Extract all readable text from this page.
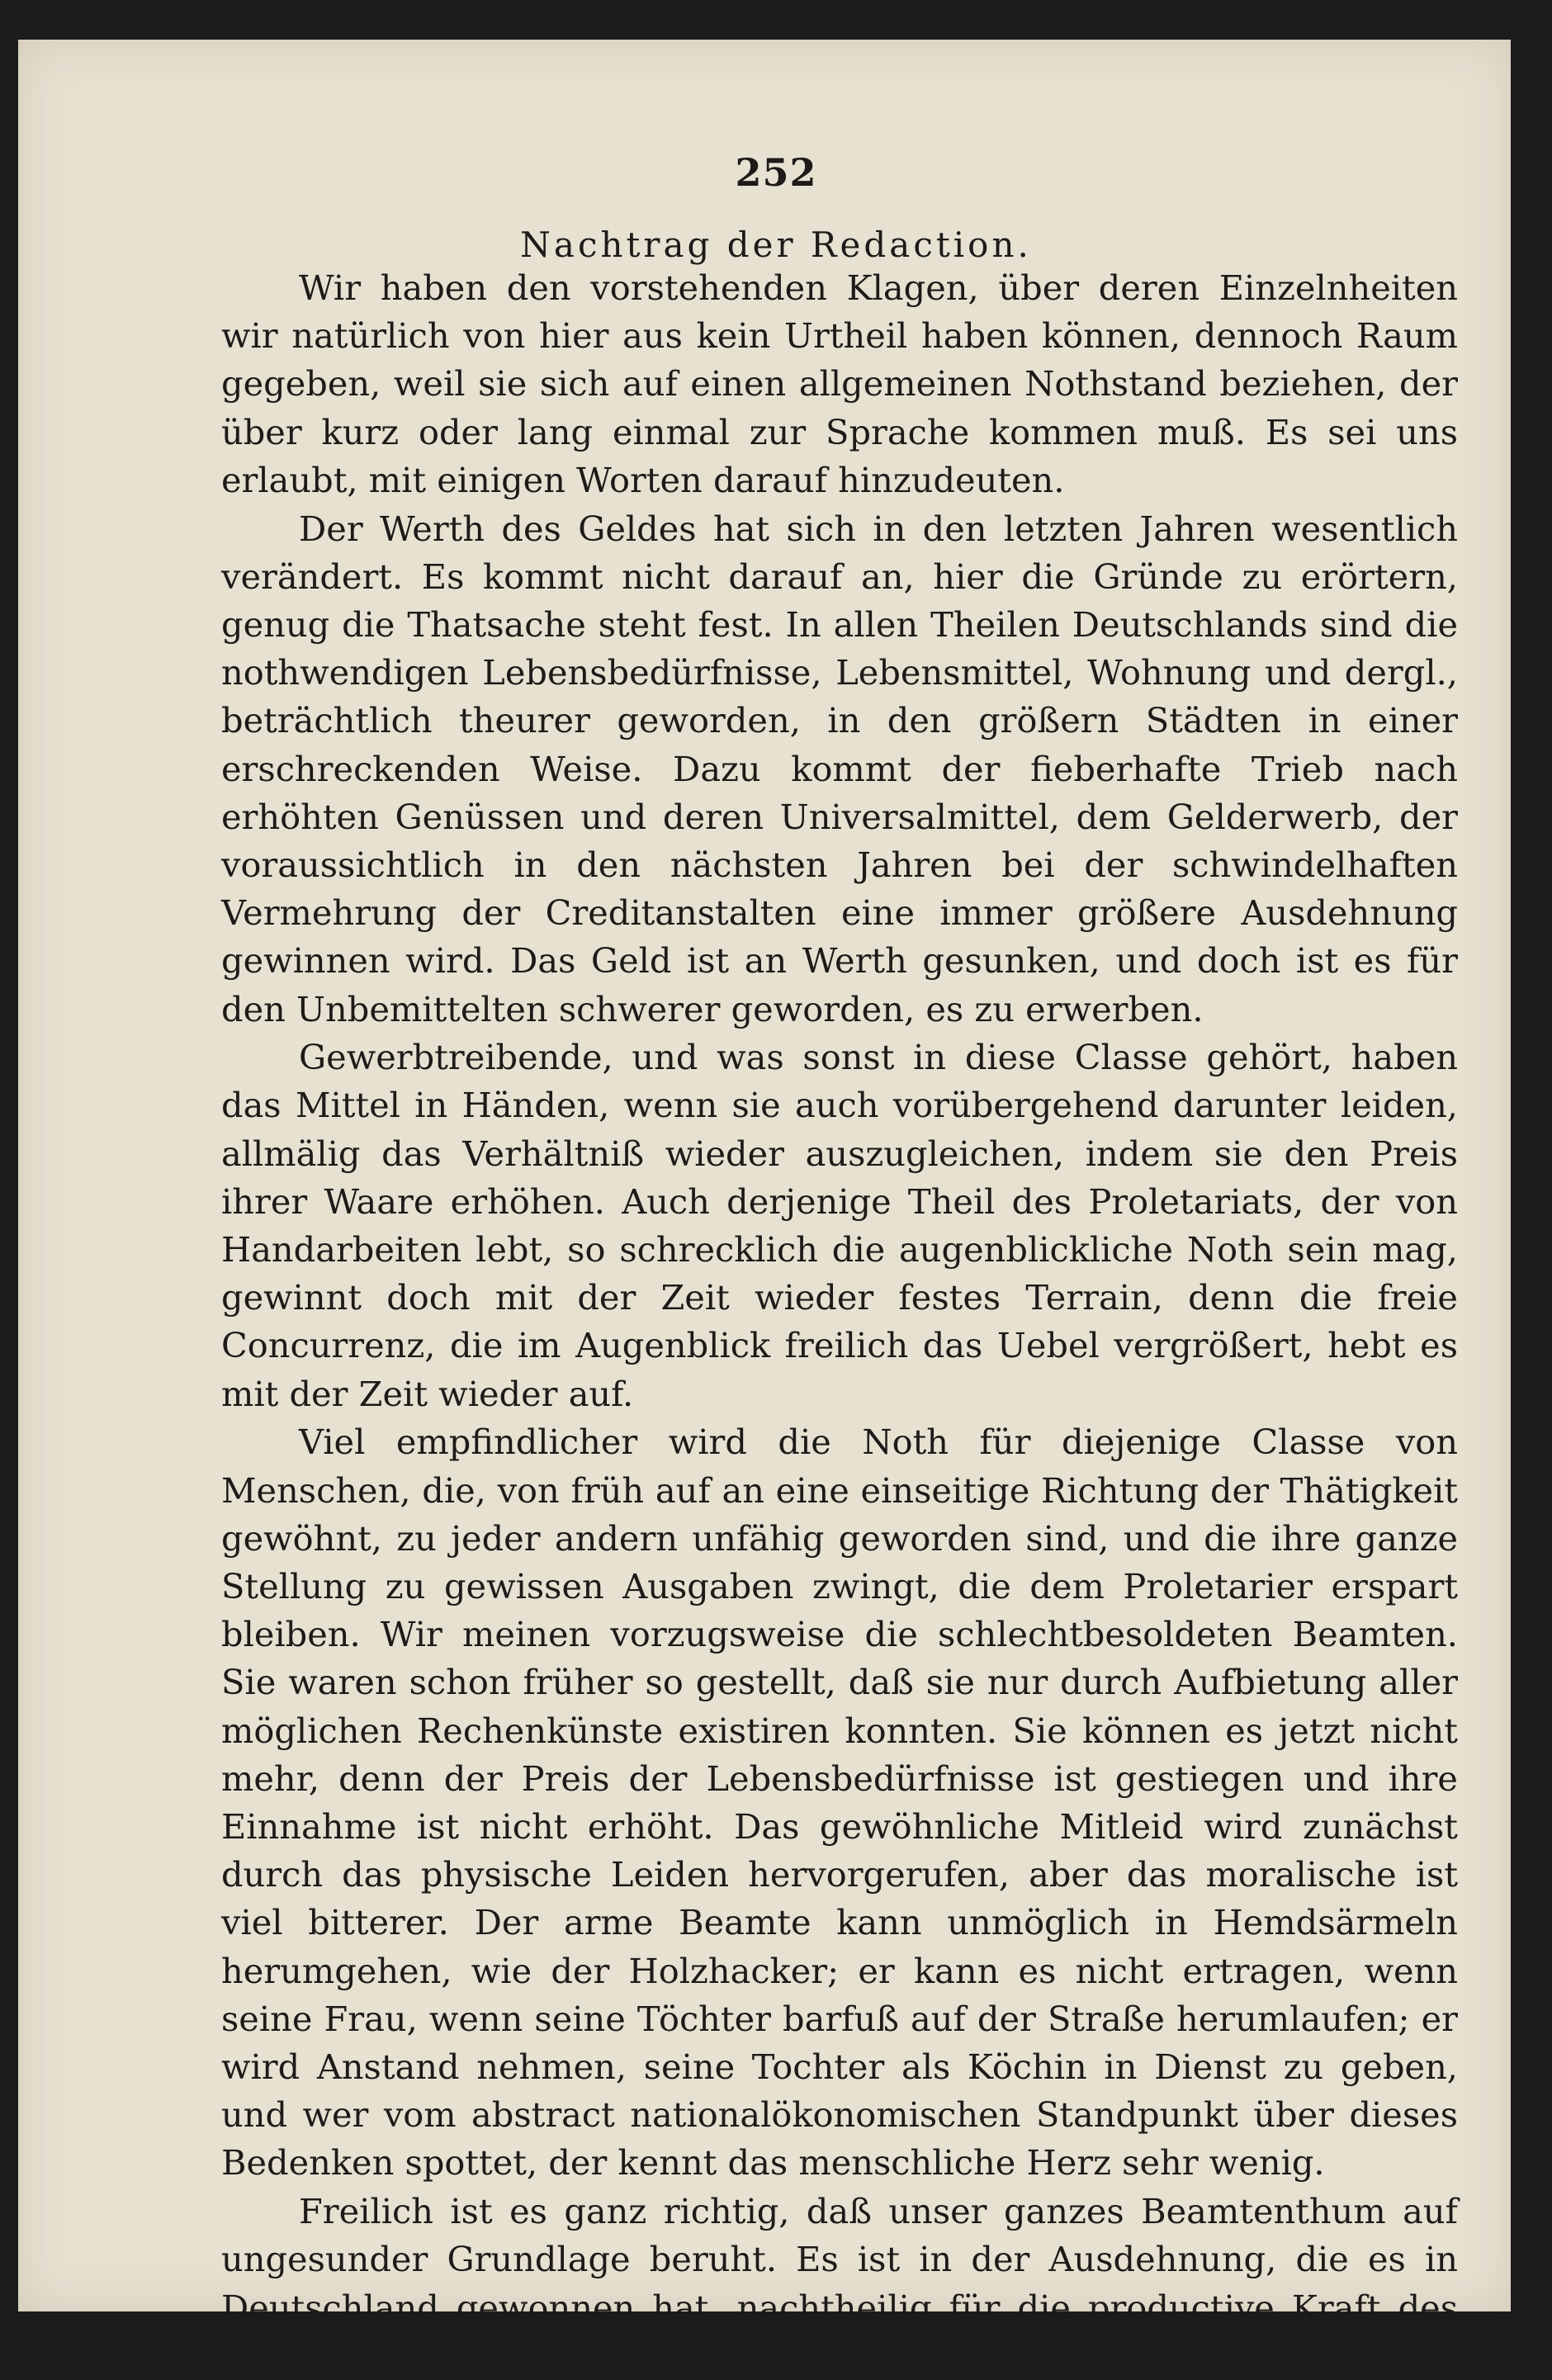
252
Nachtrag der Redaction.

Wir haben den vorstehenden Klagen, über deren Einzelnheiten wir natürlich von hier aus kein Urtheil haben können, dennoch Raum gegeben, weil sie sich auf einen allgemeinen Nothstand beziehen, der über kurz oder lang einmal zur Sprache kommen muß. Es sei uns erlaubt, mit einigen Worten darauf hinzudeuten.

Der Werth des Geldes hat sich in den letzten Jahren wesentlich verändert. Es kommt nicht darauf an, hier die Gründe zu erörtern, genug die Thatsache steht fest. In allen Theilen Deutschlands sind die nothwendigen Lebensbedürfnisse, Lebensmittel, Wohnung und dergl., beträchtlich theurer geworden, in den größern Städten in einer erschreckenden Weise. Dazu kommt der fieberhafte Trieb nach erhöhten Genüssen und deren Universalmittel, dem Gelderwerb, der voraussichtlich in den nächsten Jahren bei der schwindelhaften Vermehrung der Creditanstalten eine immer größere Ausdehnung gewinnen wird. Das Geld ist an Werth gesunken, und doch ist es für den Unbemittelten schwerer geworden, es zu erwerben.

Gewerbtreibende, und was sonst in diese Classe gehört, haben das Mittel in Händen, wenn sie auch vorübergehend darunter leiden, allmälig das Verhältniß wieder auszugleichen, indem sie den Preis ihrer Waare erhöhen. Auch derjenige Theil des Proletariats, der von Handarbeiten lebt, so schrecklich die augenblickliche Noth sein mag, gewinnt doch mit der Zeit wieder festes Terrain, denn die freie Concurrenz, die im Augenblick freilich das Uebel vergrößert, hebt es mit der Zeit wieder auf.

Viel empfindlicher wird die Noth für diejenige Classe von Menschen, die, von früh auf an eine einseitige Richtung der Thätigkeit gewöhnt, zu jeder andern unfähig geworden sind, und die ihre ganze Stellung zu gewissen Ausgaben zwingt, die dem Proletarier erspart bleiben. Wir meinen vorzugsweise die schlechtbesoldeten Beamten. Sie waren schon früher so gestellt, daß sie nur durch Aufbietung aller möglichen Rechenkünste existiren konnten. Sie können es jetzt nicht mehr, denn der Preis der Lebensbedürfnisse ist gestiegen und ihre Einnahme ist nicht erhöht. Das gewöhnliche Mitleid wird zunächst durch das physische Leiden hervorgerufen, aber das moralische ist viel bitterer. Der arme Beamte kann unmöglich in Hemdsärmeln herumgehen, wie der Holzhacker; er kann es nicht ertragen, wenn seine Frau, wenn seine Töchter barfuß auf der Straße herumlaufen; er wird Anstand nehmen, seine Tochter als Köchin in Dienst zu geben, und wer vom abstract nationalökonomischen Standpunkt über dieses Bedenken spottet, der kennt das menschliche Herz sehr wenig.

Freilich ist es ganz richtig, daß unser ganzes Beamtenthum auf ungesunder Grundlage beruht. Es ist in der Ausdehnung, die es in Deutschland gewonnen hat, nachtheilig für die productive Kraft des Volkes im Allgemeinen,
